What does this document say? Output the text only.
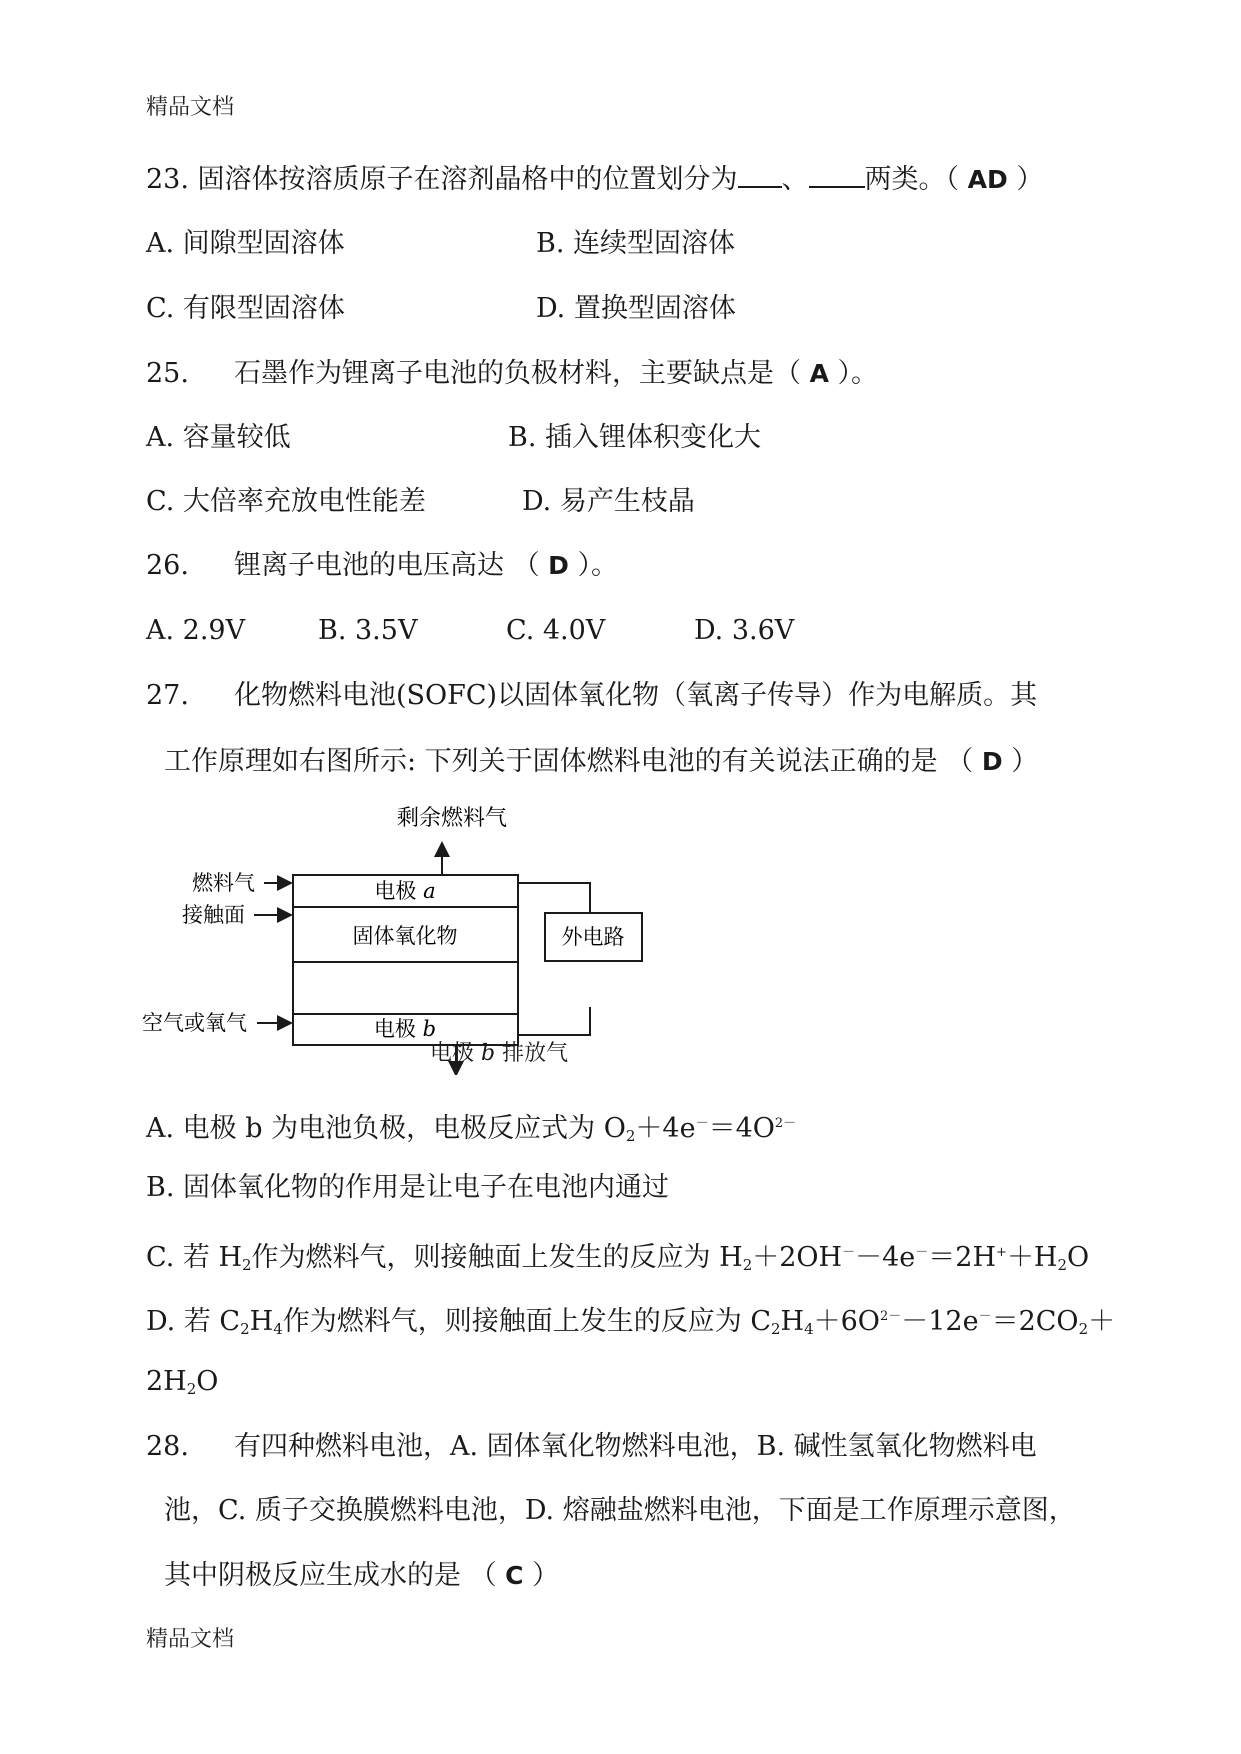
精品文档
23. 固溶体按溶质原子在溶剂晶格中的位置划分为 、 两类。（ AD ）
A. 间隙型固溶体	B. 连续型固溶体
C. 有限型固溶体	D. 置换型固溶体
25. 石墨作为锂离子电池的负极材料，主要缺点是（ A ）。
A. 容量较低	B. 插入锂体积变化大
C. 大倍率充放电性能差	D. 易产生枝晶
26. 锂离子电池的电压高达 （ D ）。
A. 2.9V	B. 3.5V	C. 4.0V	D. 3.6V
27. 化物燃料电池(SOFC)以固体氧化物（氧离子传导）作为电解质。其
工作原理如右图所示: 下列关于固体燃料电池的有关说法正确的是 （ D ）
剩余燃料气
电极 a
固体氧化物
电极 b
燃料气
接触面
空气或氧气
外电路
电极 b 排放气
A. 电极 b 为电池负极，电极反应式为 $O_2+4e^-=4O^{2-}$
B. 固体氧化物的作用是让电子在电池内通过
C. 若 $H_2$作为燃料气，则接触面上发生的反应为 $H_2+2OH^--4e^-=2H^++H_2O$
D. 若 $C_2H_4$作为燃料气，则接触面上发生的反应为 $C_2H_4+6O^{2-}-12e^-=2CO_2+$
$2H_2O$
28. 有四种燃料电池，A. 固体氧化物燃料电池，B. 碱性氢氧化物燃料电
池，C. 质子交换膜燃料电池，D. 熔融盐燃料电池，下面是工作原理示意图，
其中阴极反应生成水的是 （ C ）
精品文档
